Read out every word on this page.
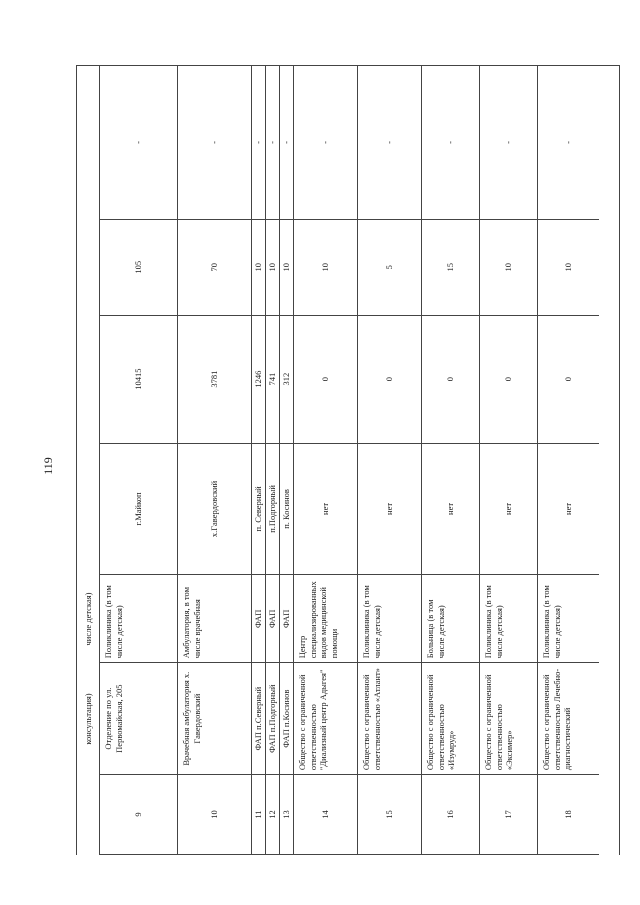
119
консультация)
числе детская)
9
Отделение по ул. Первомайская, 205
Поликлиника (в том числе детская)
г.Майкоп
10415
105
-
10
Врачебная амбулатория х. Гавердовский
Амбулатория, в том числе врачебная
х.Гавердовский
3781
70
-
11
ФАП п.Северный
ФАП
п. Северный
1246
10
-
12
ФАП п.Подгорный
ФАП
п.Подгорный
741
10
-
13
ФАП п.Косинов
ФАП
п. Косинов
312
10
-
14
Общество с ограниченной ответственностью "Диализный центр Адыгея"
Центр специализированных видов медицинской помощи
нет
0
10
-
15
Общество с ограниченной ответственностью «Атлант»
Поликлиника (в том числе детская)
нет
0
5
-
16
Общество с ограниченной ответственностью «Изумруд»
Больница (в том числе детская)
нет
0
15
-
17
Общество с ограниченной ответственностью «Эксимер»
Поликлиника (в том числе детская)
нет
0
10
-
18
Общество с ограниченной ответственностью Лечебно-диагностический
Поликлиника (в том числе детская)
нет
0
10
-
